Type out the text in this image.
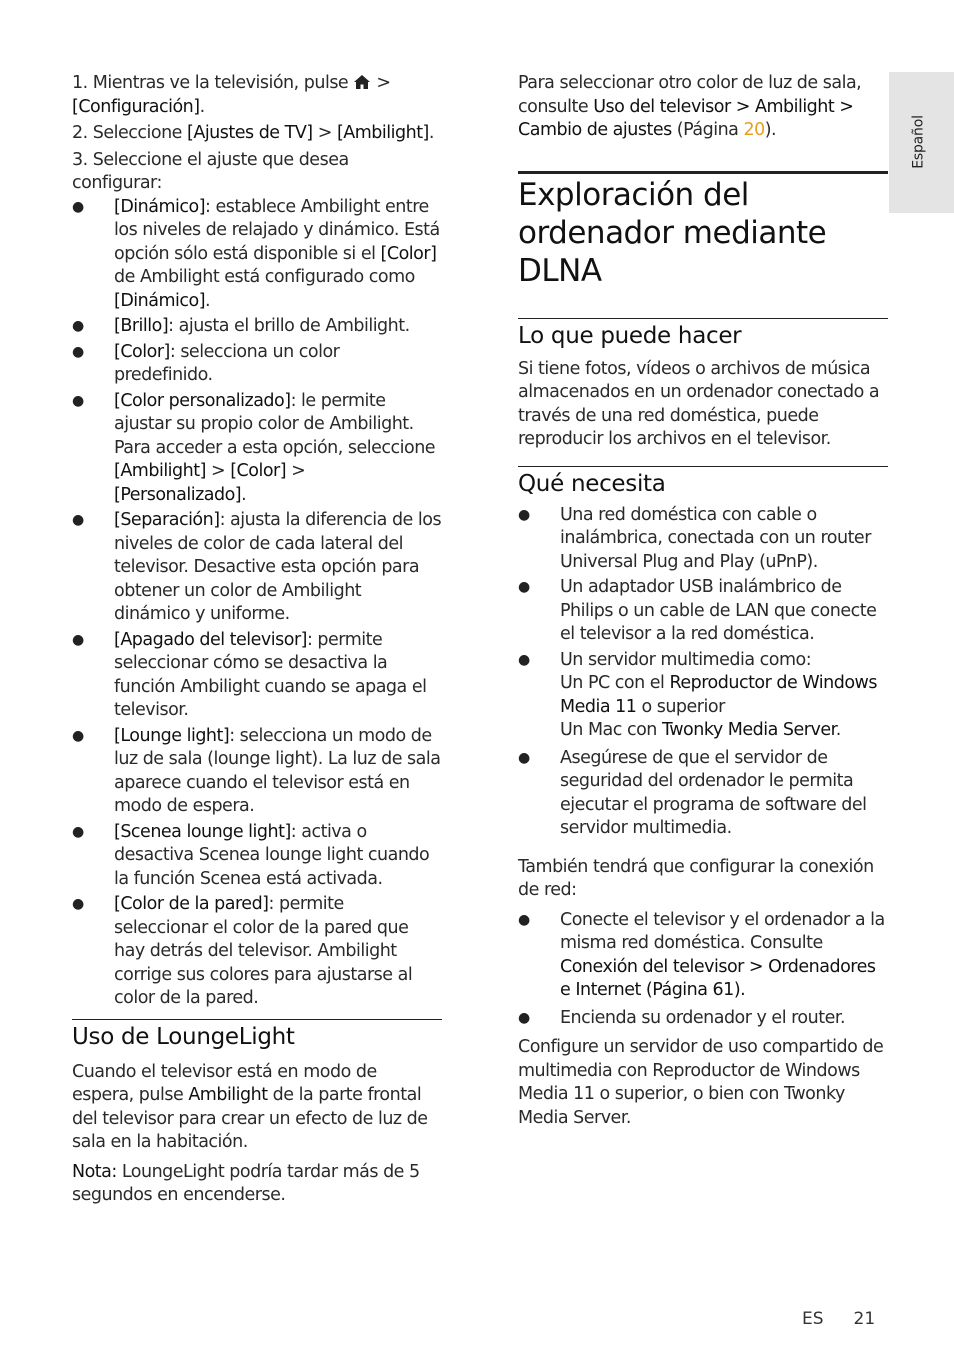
Español

1. Mientras ve la televisión, pulse >
[Configuración].

2. Seleccione [Ajustes de TV] > [Ambilight].

3. Seleccione el ajuste que desea configurar:

● [Dinámico]: establece Ambilight entre los niveles de relajado y dinámico. Está opción sólo está disponible si el [Color] de Ambilight está configurado como [Dinámico].
● [Brillo]: ajusta el brillo de Ambilight.
● [Color]: selecciona un color predefinido.
● [Color personalizado]: le permite ajustar su propio color de Ambilight. Para acceder a esta opción, seleccione [Ambilight] > [Color] > [Personalizado].
● [Separación]: ajusta la diferencia de los niveles de color de cada lateral del televisor. Desactive esta opción para obtener un color de Ambilight dinámico y uniforme.
● [Apagado del televisor]: permite seleccionar cómo se desactiva la función Ambilight cuando se apaga el televisor.
● [Lounge light]: selecciona un modo de luz de sala (lounge light). La luz de sala aparece cuando el televisor está en modo de espera.
● [Scenea lounge light]: activa o desactiva Scenea lounge light cuando la función Scenea está activada.
● [Color de la pared]: permite seleccionar el color de la pared que hay detrás del televisor. Ambilight corrige sus colores para ajustarse al color de la pared.
Uso de LoungeLight

Cuando el televisor está en modo de espera, pulse Ambilight de la parte frontal del televisor para crear un efecto de luz de sala en la habitación.

Nota: LoungeLight podría tardar más de 5 segundos en encenderse.

Para seleccionar otro color de luz de sala, consulte Uso del televisor > Ambilight > Cambio de ajustes (Página 20).

Exploración del ordenador mediante DLNA
Lo que puede hacer

Si tiene fotos, vídeos o archivos de música almacenados en un ordenador conectado a través de una red doméstica, puede reproducir los archivos en el televisor.

Qué necesita
● Una red doméstica con cable o inalámbrica, conectada con un router Universal Plug and Play (uPnP).
● Un adaptador USB inalámbrico de Philips o un cable de LAN que conecte el televisor a la red doméstica.
● Un servidor multimedia como:
Un PC con el Reproductor de Windows Media 11 o superior
Un Mac con Twonky Media Server.
● Asegúrese de que el servidor de seguridad del ordenador le permita ejecutar el programa de software del servidor multimedia.

También tendrá que configurar la conexión de red:

● Conecte el televisor y el ordenador a la misma red doméstica. Consulte Conexión del televisor > Ordenadores e Internet (Página 61).
● Encienda su ordenador y el router.

Configure un servidor de uso compartido de multimedia con Reproductor de Windows Media 11 o superior, o bien con Twonky Media Server.

ES 21
